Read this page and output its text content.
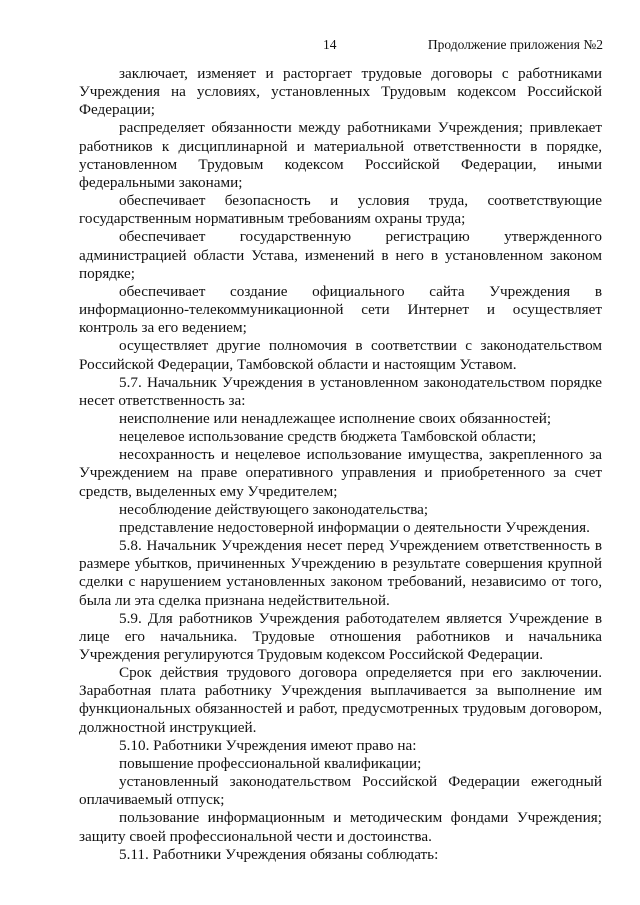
14	Продолжение приложения №2

заключает, изменяет и расторгает трудовые договоры с работниками Учреждения на условиях, установленных Трудовым кодексом Российской Федерации;

распределяет обязанности между работниками Учреждения; привлекает работников к дисциплинарной и материальной ответственности в порядке, установленном Трудовым кодексом Российской Федерации, иными федеральными законами;

обеспечивает безопасность и условия труда, соответствующие государственным нормативным требованиям охраны труда;

обеспечивает государственную регистрацию утвержденного администрацией области Устава, изменений в него в установленном законом порядке;

обеспечивает создание официального сайта Учреждения в информационно-телекоммуникационной сети Интернет и осуществляет контроль за его ведением;

осуществляет другие полномочия в соответствии с законодательством Российской Федерации, Тамбовской области и настоящим Уставом.

5.7. Начальник Учреждения в установленном законодательством порядке несет ответственность за:

неисполнение или ненадлежащее исполнение своих обязанностей;

нецелевое использование средств бюджета Тамбовской области;

несохранность и нецелевое использование имущества, закрепленного за Учреждением на праве оперативного управления и приобретенного за счет средств, выделенных ему Учредителем;

несоблюдение действующего законодательства;

представление недостоверной информации о деятельности Учреждения.

5.8. Начальник Учреждения несет перед Учреждением ответственность в размере убытков, причиненных Учреждению в результате совершения крупной сделки с нарушением установленных законом требований, независимо от того, была ли эта сделка признана недействительной.

5.9. Для работников Учреждения работодателем является Учреждение в лице его начальника. Трудовые отношения работников и начальника Учреждения регулируются Трудовым кодексом Российской Федерации.

Срок действия трудового договора определяется при его заключении. Заработная плата работнику Учреждения выплачивается за выполнение им функциональных обязанностей и работ, предусмотренных трудовым договором, должностной инструкцией.

5.10. Работники Учреждения имеют право на:

повышение профессиональной квалификации;

установленный законодательством Российской Федерации ежегодный оплачиваемый отпуск;

пользование информационным и методическим фондами Учреждения; защиту своей профессиональной чести и достоинства.

5.11. Работники Учреждения обязаны соблюдать:
